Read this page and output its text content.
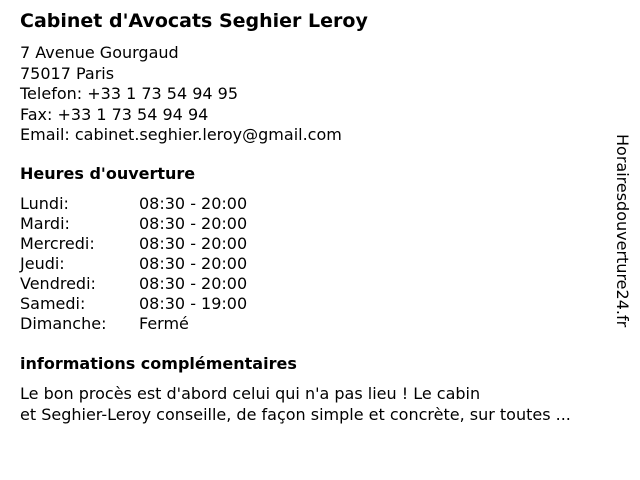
Cabinet d'Avocats Seghier Leroy
7 Avenue Gourgaud
75017 Paris
Telefon: +33 1 73 54 94 95
Fax: +33 1 73 54 94 94
Email: cabinet.seghier.leroy@gmail.com
Heures d'ouverture
Lundi:	08:30 - 20:00
Mardi:	08:30 - 20:00
Mercredi:	08:30 - 20:00
Jeudi:	08:30 - 20:00
Vendredi:	08:30 - 20:00
Samedi:	08:30 - 19:00
Dimanche:	Fermé
informations complémentaires
Le bon procès est d'abord celui qui n'a pas lieu ! Le cabin
et Seghier-Leroy conseille, de façon simple et concrète, sur toutes ...
Horairesdouverture24.fr
